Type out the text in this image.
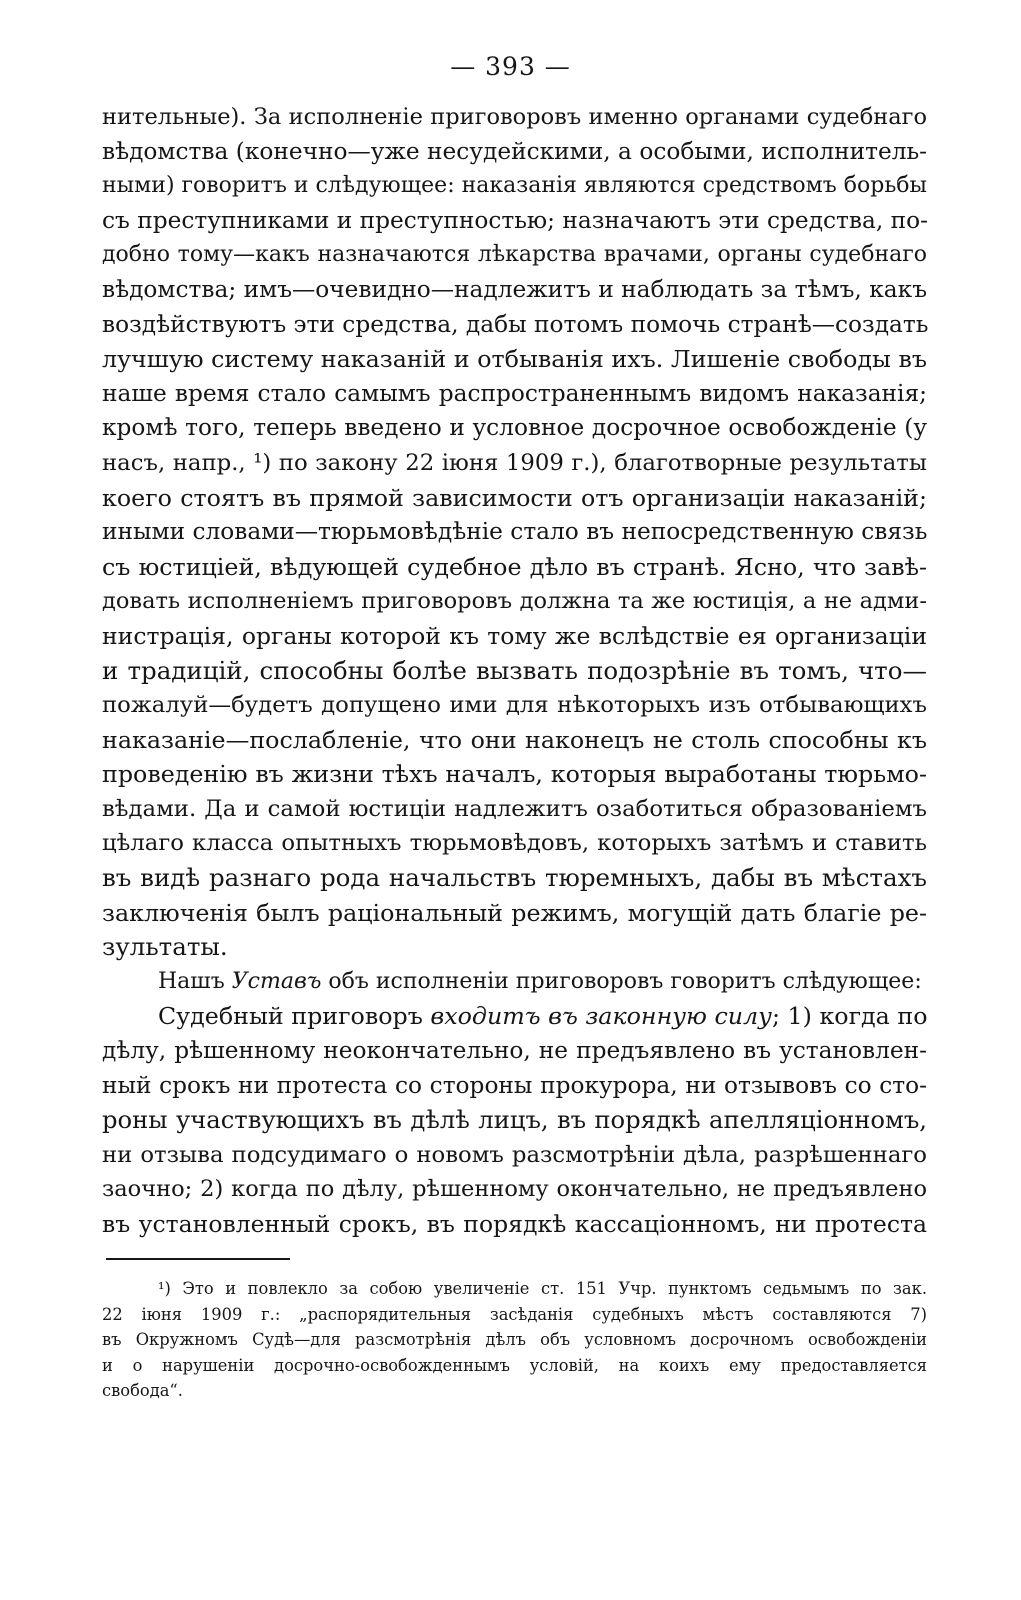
— 393 —
нительные). За исполненіе приговоровъ именно органами судебнаго
вѣдомства (конечно—уже несудейскими, а особыми, исполнитель-
ными) говоритъ и слѣдующее: наказанія являются средствомъ борьбы
съ преступниками и преступностью; назначаютъ эти средства, по-
добно тому—какъ назначаются лѣкарства врачами, органы судебнаго
вѣдомства; имъ—очевидно—надлежитъ и наблюдать за тѣмъ, какъ
воздѣйствуютъ эти средства, дабы потомъ помочь странѣ—создать
лучшую систему наказаній и отбыванія ихъ. Лишеніе свободы въ
наше время стало самымъ распространеннымъ видомъ наказанія;
кромѣ того, теперь введено и условное досрочное освобожденіе (у
насъ, напр., ¹) по закону 22 іюня 1909 г.), благотворные результаты
коего стоятъ въ прямой зависимости отъ организаціи наказаній;
иными словами—тюрьмовѣдѣніе стало въ непосредственную связь
съ юстиціей, вѣдующей судебное дѣло въ странѣ. Ясно, что завѣ-
довать исполненіемъ приговоровъ должна та же юстиція, а не адми-
нистрація, органы которой къ тому же вслѣдствіе ея организаціи
и традицій, способны болѣе вызвать подозрѣніе въ томъ, что—
пожалуй—будетъ допущено ими для нѣкоторыхъ изъ отбывающихъ
наказаніе—послабленіе, что они наконецъ не столь способны къ
проведенію въ жизни тѣхъ началъ, которыя выработаны тюрьмо-
вѣдами. Да и самой юстиціи надлежитъ озаботиться образованіемъ
цѣлаго класса опытныхъ тюрьмовѣдовъ, которыхъ затѣмъ и ставить
въ видѣ разнаго рода начальствъ тюремныхъ, дабы въ мѣстахъ
заключенія былъ раціональный режимъ, могущій дать благіе ре-
зультаты.
Нашъ Уставъ объ исполненіи приговоровъ говоритъ слѣдующее:
Судебный приговоръ входитъ въ законную силу; 1) когда по
дѣлу, рѣшенному неокончательно, не предъявлено въ установлен-
ный срокъ ни протеста со стороны прокурора, ни отзывовъ со сто-
роны участвующихъ въ дѣлѣ лицъ, въ порядкѣ апелляціонномъ,
ни отзыва подсудимаго о новомъ разсмотрѣніи дѣла, разрѣшеннаго
заочно; 2) когда по дѣлу, рѣшенному окончательно, не предъявлено
въ установленный срокъ, въ порядкѣ кассаціонномъ, ни протеста
¹) Это и повлекло за собою увеличеніе ст. 151 Учр. пунктомъ седьмымъ по зак.
22 іюня 1909 г.: „распорядительныя засѣданія судебныхъ мѣстъ составляются 7)
въ Окружномъ Судѣ—для разсмотрѣнія дѣлъ объ условномъ досрочномъ освобожденіи
и о нарушеніи досрочно-освобожденнымъ условій, на коихъ ему предоставляется
свобода“.
